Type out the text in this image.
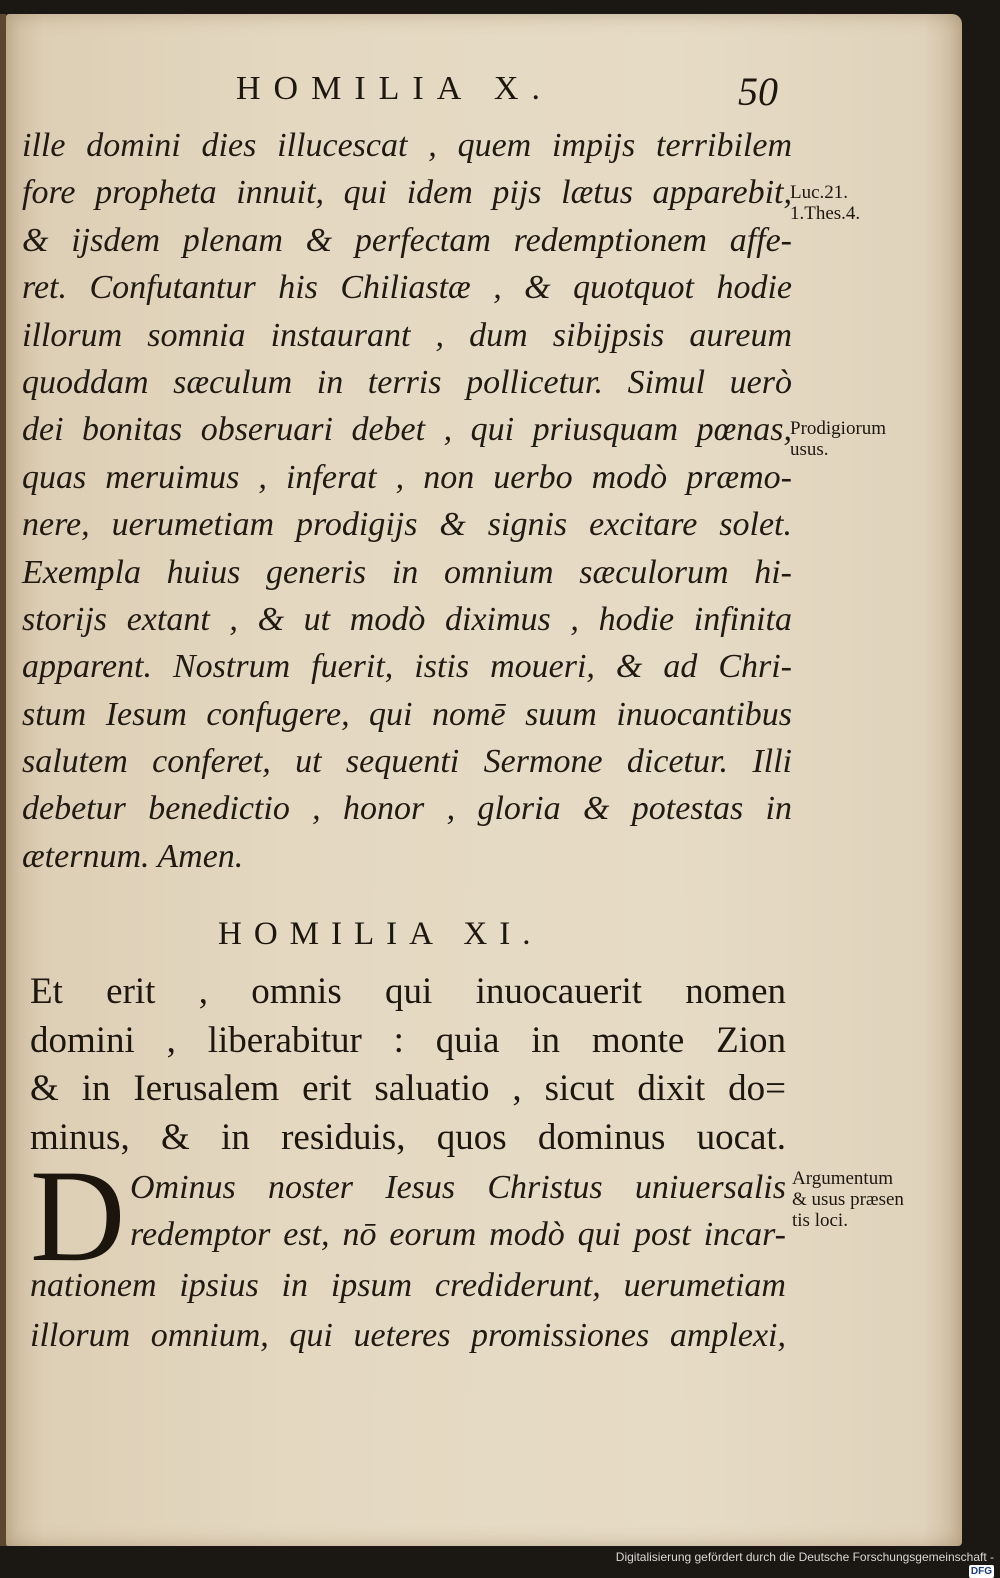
HOMILIA X.	50
ille domini dies illucescat , quem impijs terribilem
fore propheta innuit, qui idem pijs lætus apparebit,
& ijsdem plenam & perfectam redemptionem affe-
ret. Confutantur his Chiliastæ , & quotquot hodie
illorum somnia instaurant , dum sibijpsis aureum
quoddam sæculum in terris pollicetur. Simul uerò
dei bonitas obseruari debet , qui priusquam pœnas,
quas meruimus , inferat , non uerbo modò præmo-
nere, uerumetiam prodigijs & signis excitare solet.
Exempla huius generis in omnium sæculorum hi-
storijs extant , & ut modò diximus , hodie infinita
apparent. Nostrum fuerit, istis moueri, & ad Chri-
stum Iesum confugere, qui nomē suum inuocantibus
salutem conferet, ut sequenti Sermone dicetur. Illi
debetur benedictio , honor , gloria & potestas in
æternum. Amen.
HOMILIA XI.
Et erit , omnis qui inuocauerit nomen
domini , liberabitur : quia in monte Zion
& in Ierusalem erit saluatio , sicut dixit do=
minus, & in residuis, quos dominus uocat.
D Ominus noster Iesus Christus uniuersalis
redemptor est, nō eorum modò qui post incar-
nationem ipsius in ipsum crediderunt, uerumetiam
illorum omnium, qui ueteres promissiones amplexi,
Luc.21.
1.Thes.4.
Prodigiorum
usus.
Argumentum
& usus præsen
tis loci.
Digitalisierung gefördert durch die Deutsche Forschungsgemeinschaft -DFG
